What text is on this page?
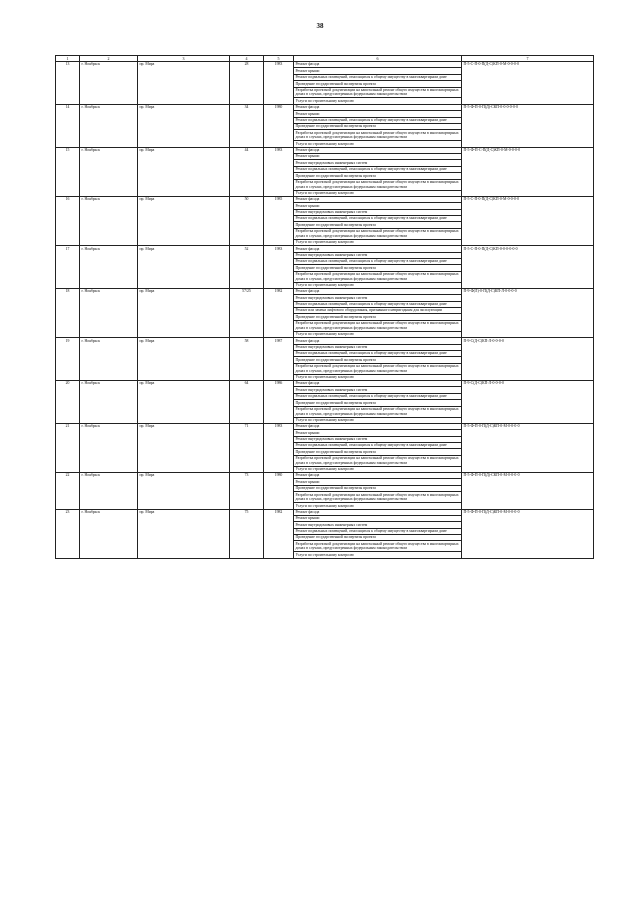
38
1	2	3	4	5	6	7
13	г. Ноябрьск	пр. Мира	28	1983	Ремонт фасада	П-5-С-П-0-П(Д-С)КП-0-М-0-0-0-0
					Ремонт крыши	
					Ремонт подвальных помещений, относящихся к общему имуществу в многоквартирном доме	
					Проведение государственной экспертизы проекта	
					Разработка проектной документации на капитальный ремонт общего имущества в многоквартирных домах в случаях, предусмотренных федеральным законодательством	
					Услуги по строительному контролю	
14	г. Ноябрьск	пр. Мира	34	1980	Ремонт фасада	П-5-Ф-П-0-П(Д)-СКП-0-0-0-0-0-0
					Ремонт крыши	
					Ремонт подвальных помещений, относящихся к общему имуществу в многоквартирном доме	
					Проведение государственной экспертизы проекта	
					Разработка проектной документации на капитальный ремонт общего имущества в многоквартирных домах в случаях, предусмотренных федеральным законодательством	
					Услуги по строительному контролю	
15	г. Ноябрьск	пр. Мира	44	1983	Ремонт фасада	П-5-Ф-П-С-П(Д-С)КП-0-М-0-0-0-0
					Ремонт крыши	
					Ремонт внутридомовых инженерных систем	
					Ремонт подвальных помещений, относящихся к общему имуществу в многоквартирном доме	
					Проведение государственной экспертизы проекта	
					Разработка проектной документации на капитальный ремонт общего имущества в многоквартирных домах в случаях, предусмотренных федеральным законодательством	
					Услуги по строительному контролю	
16	г. Ноябрьск	пр. Мира	50	1985	Ремонт фасада	П-5-С-П-0-П(Д-С)КП-0-М-0-0-0-0
					Ремонт крыши	
					Ремонт внутридомовых инженерных систем	
					Ремонт подвальных помещений, относящихся к общему имуществу в многоквартирном доме	
					Проведение государственной экспертизы проекта	
					Разработка проектной документации на капитальный ремонт общего имущества в многоквартирных домах в случаях, предусмотренных федеральным законодательством	
					Услуги по строительному контролю	
17	г. Ноябрьск	пр. Мира	52	1983	Ремонт фасада	П-5-С-П-0-П(Д-С)КП-0-0-0-0-0-0
					Ремонт внутридомовых инженерных систем	
					Ремонт подвальных помещений, относящихся к общему имуществу в многоквартирном доме	
					Проведение государственной экспертизы проекта	
					Разработка проектной документации на капитальный ремонт общего имущества в многоквартирных домах в случаях, предусмотренных федеральным законодательством	
					Услуги по строительному контролю	
18	г. Ноябрьск	пр. Мира	57/25	1982	Ремонт фасада	П-9-Ф(Л)-0-П(Д-С)КП-Л-0-0-0-0
					Ремонт внутридомовых инженерных систем	
					Ремонт подвальных помещений, относящихся к общему имуществу в многоквартирном доме	
					Ремонт или замена лифтового оборудования, признанного непригодным для эксплуатации	
					Проведение государственной экспертизы проекта	
					Разработка проектной документации на капитальный ремонт общего имущества в многоквартирных домах в случаях, предусмотренных федеральным законодательством	
					Услуги по строительному контролю	
19	г. Ноябрьск	пр. Мира	58	1987	Ремонт фасада	П-9-С(Д-С)КП-Л-0-0-0-0
					Ремонт внутридомовых инженерных систем	
					Ремонт подвальных помещений, относящихся к общему имуществу в многоквартирном доме	
					Проведение государственной экспертизы проекта	
					Разработка проектной документации на капитальный ремонт общего имущества в многоквартирных домах в случаях, предусмотренных федеральным законодательством	
					Услуги по строительному контролю	
20	г. Ноябрьск	пр. Мира	64	1986	Ремонт фасада	П-9-С(Д-С)КП-Л-0-0-0-0
					Ремонт внутридомовых инженерных систем	
					Ремонт подвальных помещений, относящихся к общему имуществу в многоквартирном доме	
					Проведение государственной экспертизы проекта	
					Разработка проектной документации на капитальный ремонт общего имущества в многоквартирных домах в случаях, предусмотренных федеральным законодательством	
					Услуги по строительному контролю	
21	г. Ноябрьск	пр. Мира	71	1983	Ремонт фасада	П-5-Ф-П-0-П(Д-С)КП-0-М-0-0-0-0
					Ремонт крыши	
					Ремонт внутридомовых инженерных систем	
					Ремонт подвальных помещений, относящихся к общему имуществу в многоквартирном доме	
					Проведение государственной экспертизы проекта	
					Разработка проектной документации на капитальный ремонт общего имущества в многоквартирных домах в случаях, предусмотренных федеральным законодательством	
					Услуги по строительному контролю	
22	г. Ноябрьск	пр. Мира	73	1980	Ремонт фасада	П-5-Ф-П-0-П(Д)-СКП-0-М-0-0-0-0
					Ремонт крыши	
					Проведение государственной экспертизы проекта	
					Разработка проектной документации на капитальный ремонт общего имущества в многоквартирных домах в случаях, предусмотренных федеральным законодательством	
					Услуги по строительному контролю	
23	г. Ноябрьск	пр. Мира	75	1982	Ремонт фасада	П-5-Ф-П-0-П(Д-С)КП-0-М-0-0-0-0
					Ремонт крыши	
					Ремонт внутридомовых инженерных систем	
					Ремонт подвальных помещений, относящихся к общему имуществу в многоквартирном доме	
					Проведение государственной экспертизы проекта	
					Разработка проектной документации на капитальный ремонт общего имущества в многоквартирных домах в случаях, предусмотренных федеральным законодательством	
					Услуги по строительному контролю	
